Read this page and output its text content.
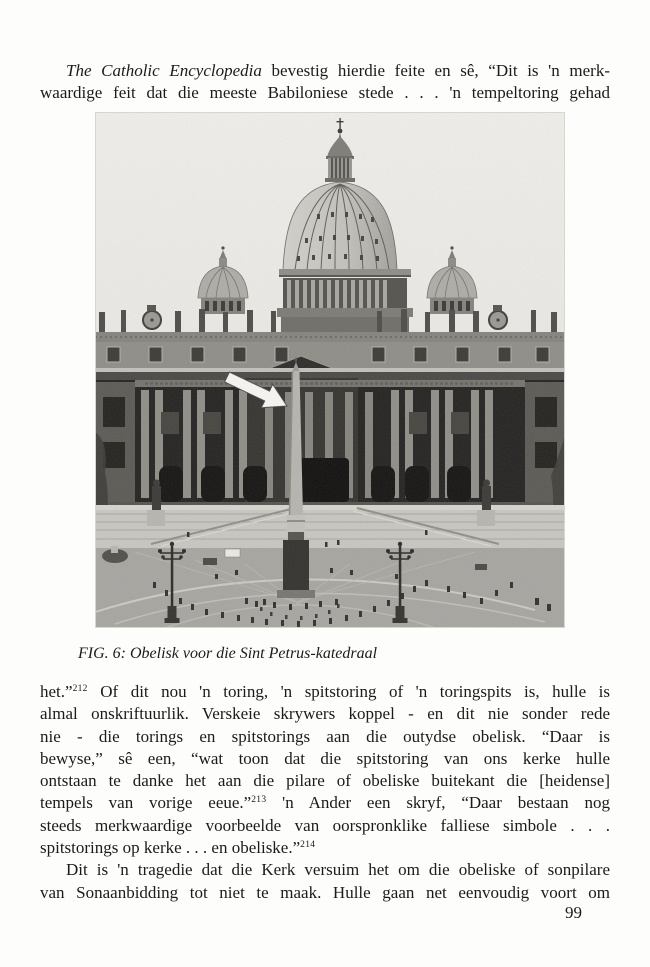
The Catholic Encyclopedia bevestig hierdie feite en sê, “Dit is 'n merk-
waardige feit dat die meeste Babiloniese stede . . . 'n tempeltoring gehad
FIG. 6: Obelisk voor die Sint Petrus-katedraal
het.”$^{212}$ Of dit nou 'n toring, 'n spitstoring of 'n toringspits is, hulle is
almal onskriftuurlik. Verskeie skrywers koppel - en dit nie sonder rede
nie - die torings en spitstorings aan die outydse obelisk. “Daar is
bewyse,” sê een, “wat toon dat die spitstoring van ons kerke hulle
ontstaan te danke het aan die pilare of obeliske buitekant die [heidense]
tempels van vorige eeue.”$^{213}$ 'n Ander een skryf, “Daar bestaan nog
steeds merkwaardige voorbeelde van oorspronklike falliese simbole . . .
spitstorings op kerke . . . en obeliske.”$^{214}$
Dit is 'n tragedie dat die Kerk versuim het om die obeliske of sonpilare
van Sonaanbidding tot niet te maak. Hulle gaan net eenvoudig voort om
99
